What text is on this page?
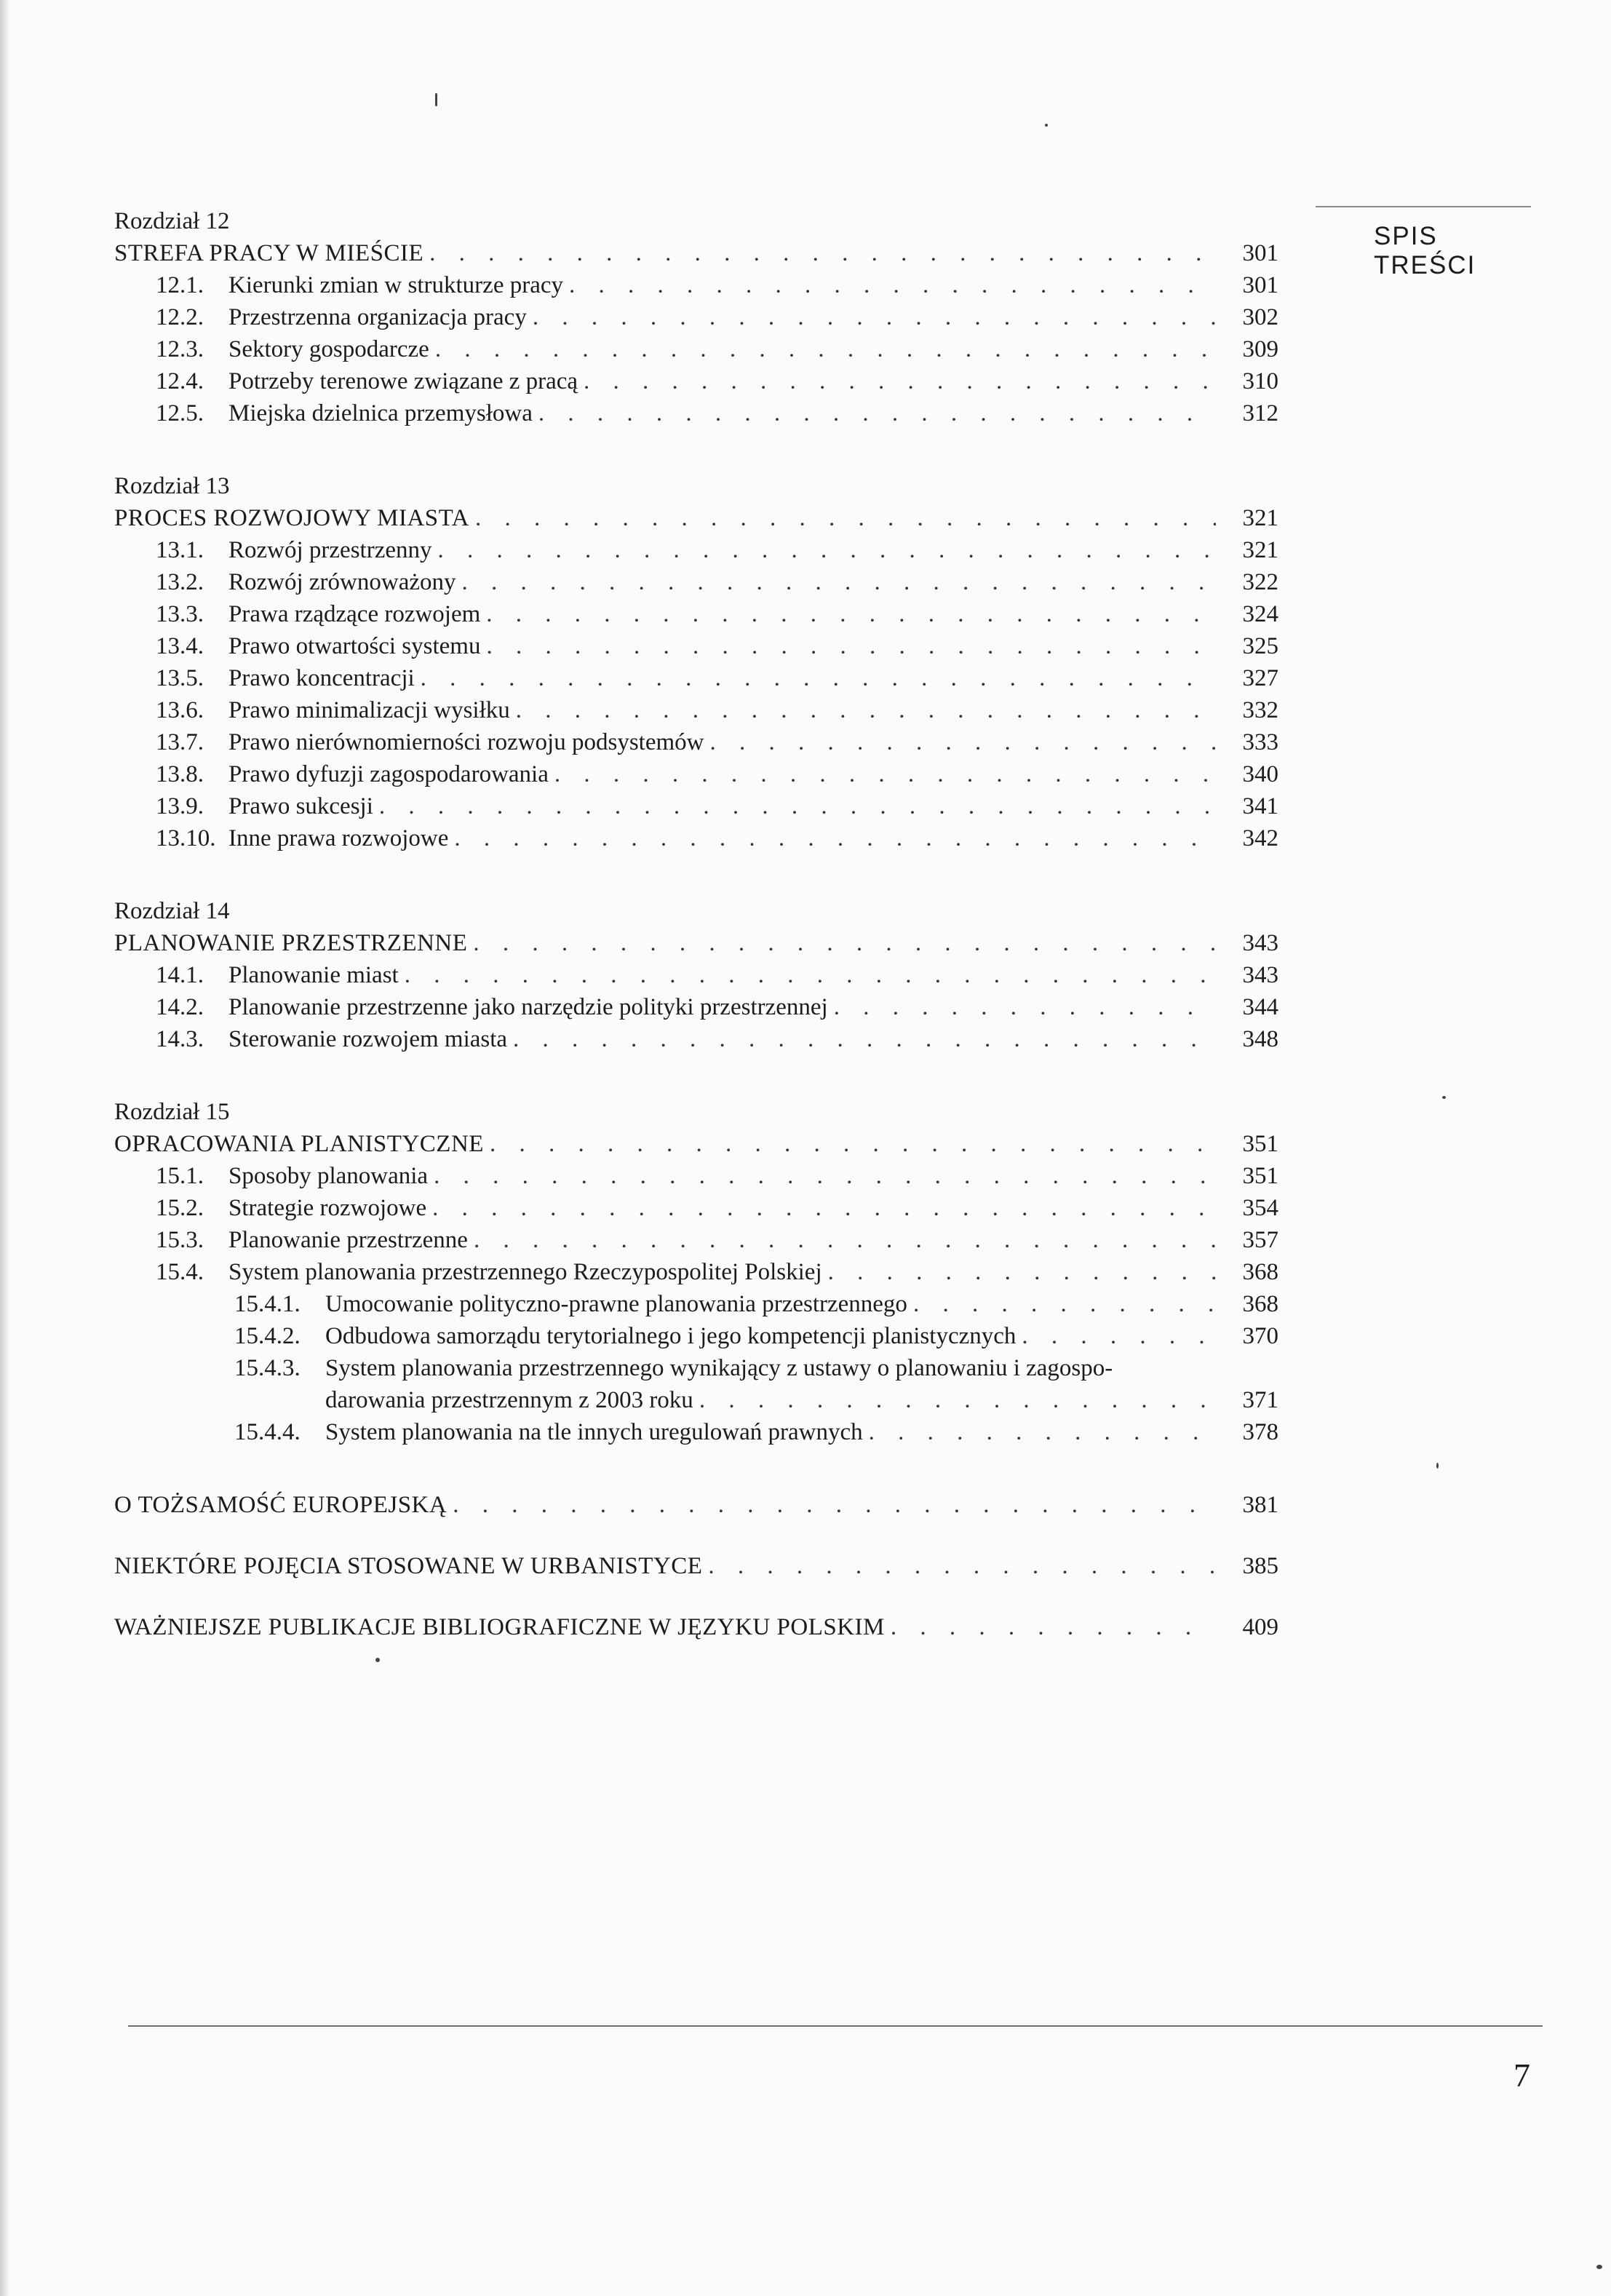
SPIS TREŚCI
Rozdział 12
STREFA PRACY W MIEŚCIE . . .	301
12.1.	Kierunki zmian w strukturze pracy . . .	301
12.2.	Przestrzenna organizacja pracy . . .	302
12.3.	Sektory gospodarcze . . .	309
12.4.	Potrzeby terenowe związane z pracą . . .	310
12.5.	Miejska dzielnica przemysłowa . . .	312
Rozdział 13
PROCES ROZWOJOWY MIASTA . . .	321
13.1.	Rozwój przestrzenny . . .	321
13.2.	Rozwój zrównoważony . . .	322
13.3.	Prawa rządzące rozwojem . . .	324
13.4.	Prawo otwartości systemu . . .	325
13.5.	Prawo koncentracji . . .	327
13.6.	Prawo minimalizacji wysiłku . . .	332
13.7.	Prawo nierównomierności rozwoju podsystemów . . .	333
13.8.	Prawo dyfuzji zagospodarowania . . .	340
13.9.	Prawo sukcesji . . .	341
13.10. Inne prawa rozwojowe . . .	342
Rozdział 14
PLANOWANIE PRZESTRZENNE . . .	343
14.1.	Planowanie miast . . .	343
14.2.	Planowanie przestrzenne jako narzędzie polityki przestrzennej . . .	344
14.3.	Sterowanie rozwojem miasta . . .	348
Rozdział 15
OPRACOWANIA PLANISTYCZNE . . .	351
15.1.	Sposoby planowania . . .	351
15.2.	Strategie rozwojowe . . .	354
15.3.	Planowanie przestrzenne . . .	357
15.4.	System planowania przestrzennego Rzeczypospolitej Polskiej . . .	368
15.4.1.	Umocowanie polityczno-prawne planowania przestrzennego . . .	368
15.4.2.	Odbudowa samorządu terytorialnego i jego kompetencji planistycznych . . .	370
15.4.3.	System planowania przestrzennego wynikający z ustawy o planowaniu i zagospo-
darowania przestrzennym z 2003 roku . . .	371
15.4.4.	System planowania na tle innych uregulowań prawnych . . .	378
O TOŻSAMOŚĆ EUROPEJSKĄ . . .	381
NIEKTÓRE POJĘCIA STOSOWANE W URBANISTYCE . . .	385
WAŻNIEJSZE PUBLIKACJE BIBLIOGRAFICZNE W JĘZYKU POLSKIM . . .	409
7
